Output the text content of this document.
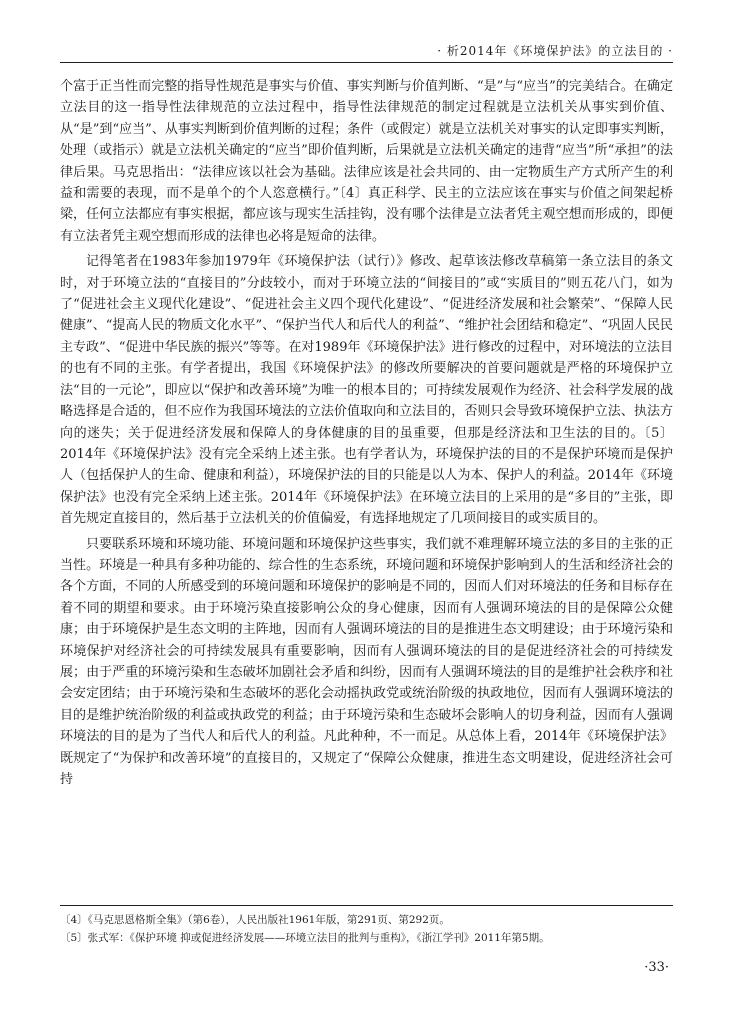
· 析2014年《环境保护法》的立法目的 ·

个富于正当性而完整的指导性规范是事实与价值、事实判断与价值判断、“是”与“应当”的完美结合。在确定立法目的这一指导性法律规范的立法过程中，指导性法律规范的制定过程就是立法机关从事实到价值、从“是”到“应当”、从事实判断到价值判断的过程；条件（或假定）就是立法机关对事实的认定即事实判断，处理（或指示）就是立法机关确定的“应当”即价值判断，后果就是立法机关确定的违背“应当”所“承担”的法律后果。马克思指出：“法律应该以社会为基础。法律应该是社会共同的、由一定物质生产方式所产生的利益和需要的表现，而不是单个的个人恣意横行。”〔4〕真正科学、民主的立法应该在事实与价值之间架起桥梁，任何立法都应有事实根据，都应该与现实生活挂钩，没有哪个法律是立法者凭主观空想而形成的，即便有立法者凭主观空想而形成的法律也必将是短命的法律。

记得笔者在1983年参加1979年《环境保护法（试行）》修改、起草该法修改草稿第一条立法目的条文时，对于环境立法的“直接目的”分歧较小，而对于环境立法的“间接目的”或“实质目的”则五花八门，如为了“促进社会主义现代化建设”、“促进社会主义四个现代化建设”、“促进经济发展和社会繁荣”、“保障人民健康”、“提高人民的物质文化水平”、“保护当代人和后代人的利益”、“维护社会团结和稳定”、“巩固人民民主专政”、“促进中华民族的振兴”等等。在对1989年《环境保护法》进行修改的过程中，对环境法的立法目的也有不同的主张。有学者提出，我国《环境保护法》的修改所要解决的首要问题就是严格的环境保护立法“目的一元论”，即应以“保护和改善环境”为唯一的根本目的；可持续发展观作为经济、社会科学发展的战略选择是合适的，但不应作为我国环境法的立法价值取向和立法目的，否则只会导致环境保护立法、执法方向的迷失；关于促进经济发展和保障人的身体健康的目的虽重要，但那是经济法和卫生法的目的。〔5〕2014年《环境保护法》没有完全采纳上述主张。也有学者认为，环境保护法的目的不是保护环境而是保护人（包括保护人的生命、健康和利益），环境保护法的目的只能是以人为本、保护人的利益。2014年《环境保护法》也没有完全采纳上述主张。2014年《环境保护法》在环境立法目的上采用的是“多目的”主张，即首先规定直接目的，然后基于立法机关的价值偏爱，有选择地规定了几项间接目的或实质目的。

只要联系环境和环境功能、环境问题和环境保护这些事实，我们就不难理解环境立法的多目的主张的正当性。环境是一种具有多种功能的、综合性的生态系统，环境问题和环境保护影响到人的生活和经济社会的各个方面，不同的人所感受到的环境问题和环境保护的影响是不同的，因而人们对环境法的任务和目标存在着不同的期望和要求。由于环境污染直接影响公众的身心健康，因而有人强调环境法的目的是保障公众健康；由于环境保护是生态文明的主阵地，因而有人强调环境法的目的是推进生态文明建设；由于环境污染和环境保护对经济社会的可持续发展具有重要影响，因而有人强调环境法的目的是促进经济社会的可持续发展；由于严重的环境污染和生态破坏加剧社会矛盾和纠纷，因而有人强调环境法的目的是维护社会秩序和社会安定团结；由于环境污染和生态破坏的恶化会动摇执政党或统治阶级的执政地位，因而有人强调环境法的目的是维护统治阶级的利益或执政党的利益；由于环境污染和生态破坏会影响人的切身利益，因而有人强调环境法的目的是为了当代人和后代人的利益。凡此种种，不一而足。从总体上看，2014年《环境保护法》既规定了“为保护和改善环境”的直接目的，又规定了“保障公众健康，推进生态文明建设，促进经济社会可持

〔4〕《马克思恩格斯全集》（第6卷），人民出版社1961年版，第291页、第292页。
〔5〕张式军：《保护环境 抑或促进经济发展——环境立法目的批判与重构》，《浙江学刊》2011年第5期。
·33·
